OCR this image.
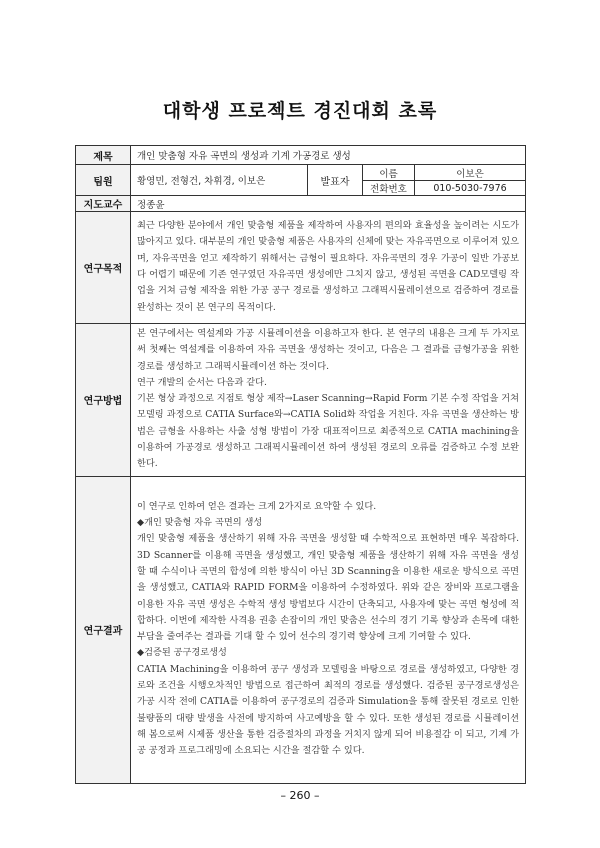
대학생 프로젝트 경진대회 초록
제목	개인 맞춤형 자유 곡면의 생성과 기계 가공경로 생성			
팀원	황영민, 전형건, 차휘경, 이보은	발표자	이름	이보은
			전화번호	010-5030-7976
지도교수	정종윤			
연구목적	최근 다양한 분야에서 개인 맞춤형 제품을 제작하여 사용자의 편의와 효율성을 높이려는 시도가 많아지고 있다. 대부분의 개인 맞춤형 제품은 사용자의 신체에 맞는 자유곡면으로 이루어져 있으며, 자유곡면을 얻고 제작하기 위해서는 금형이 필요하다. 자유곡면의 경우 가공이 일반 가공보다 어렵기 때문에 기존 연구였던 자유곡면 생성에만 그치지 않고, 생성된 곡면을 CAD모델링 작업을 거쳐 금형 제작을 위한 가공 공구 경로를 생성하고 그래픽시뮬레이션으로 검증하여 경로를 완성하는 것이 본 연구의 목적이다.			

연구방법	본 연구에서는 역설계와 가공 시뮬레이션을 이용하고자 한다. 본 연구의 내용은 크게 두 가지로써 첫째는 역설계를 이용하여 자유 곡면을 생성하는 것이고, 다음은 그 결과를 금형가공을 위한 경로를 생성하고 그래픽시뮬레이션 하는 것이다.

연구 개발의 순서는 다음과 같다.

기본 형상 과정으로 지점토 형상 제작→Laser Scanning→Rapid Form 기본 수정 작업을 거쳐 모델링 과정으로 CATIA Surface와→CATIA Solid화 작업을 거친다. 자유 곡면을 생산하는 방법은 금형을 사용하는 사출 성형 방법이 가장 대표적이므로 최종적으로 CATIA machining을 이용하여 가공경로 생성하고 그래픽시뮬레이션 하여 생성된 경로의 오류를 검증하고 수정 보완 한다.			

연구결과	이 연구로 인하여 얻은 결과는 크게 2가지로 요약할 수 있다.

◆개인 맞춤형 자유 곡면의 생성

개인 맞춤형 제품을 생산하기 위해 자유 곡면을 생성할 때 수학적으로 표현하면 매우 복잡하다. 3D Scanner를 이용해 곡면을 생성했고, 개인 맞춤형 제품을 생산하기 위해 자유 곡면을 생성할 때 수식이나 곡면의 합성에 의한 방식이 아닌 3D Scanning을 이용한 새로운 방식으로 곡면을 생성했고, CATIA와 RAPID FORM을 이용하여 수정하였다. 위와 같은 장비와 프로그램을 이용한 자유 곡면 생성은 수학적 생성 방법보다 시간이 단축되고, 사용자에 맞는 곡면 형성에 적합하다. 이번에 제작한 사격용 권총 손잡이의 개인 맞춤은 선수의 경기 기록 향상과 손목에 대한 부담을 줄여주는 결과를 기대 할 수 있어 선수의 경기력 향상에 크게 기여할 수 있다.

◆검증된 공구경로생성

CATIA Machining을 이용하여 공구 생성과 모델링을 바탕으로 경로를 생성하였고, 다양한 경로와 조건을 시행오차적인 방법으로 접근하여 최적의 경로를 생성했다. 검증된 공구경로생성은 가공 시작 전에 CATIA를 이용하여 공구경로의 검증과 Simulation을 통해 잘못된 경로로 인한 불량품의 대량 발생을 사전에 방지하여 사고예방을 할 수 있다. 또한 생성된 경로를 시뮬레이션 해 봄으로써 시제품 생산을 통한 검증절차의 과정을 거치지 않게 되어 비용절감 이 되고, 기계 가공 공정과 프로그래밍에 소요되는 시간을 절감할 수 있다.			

– 260 –
